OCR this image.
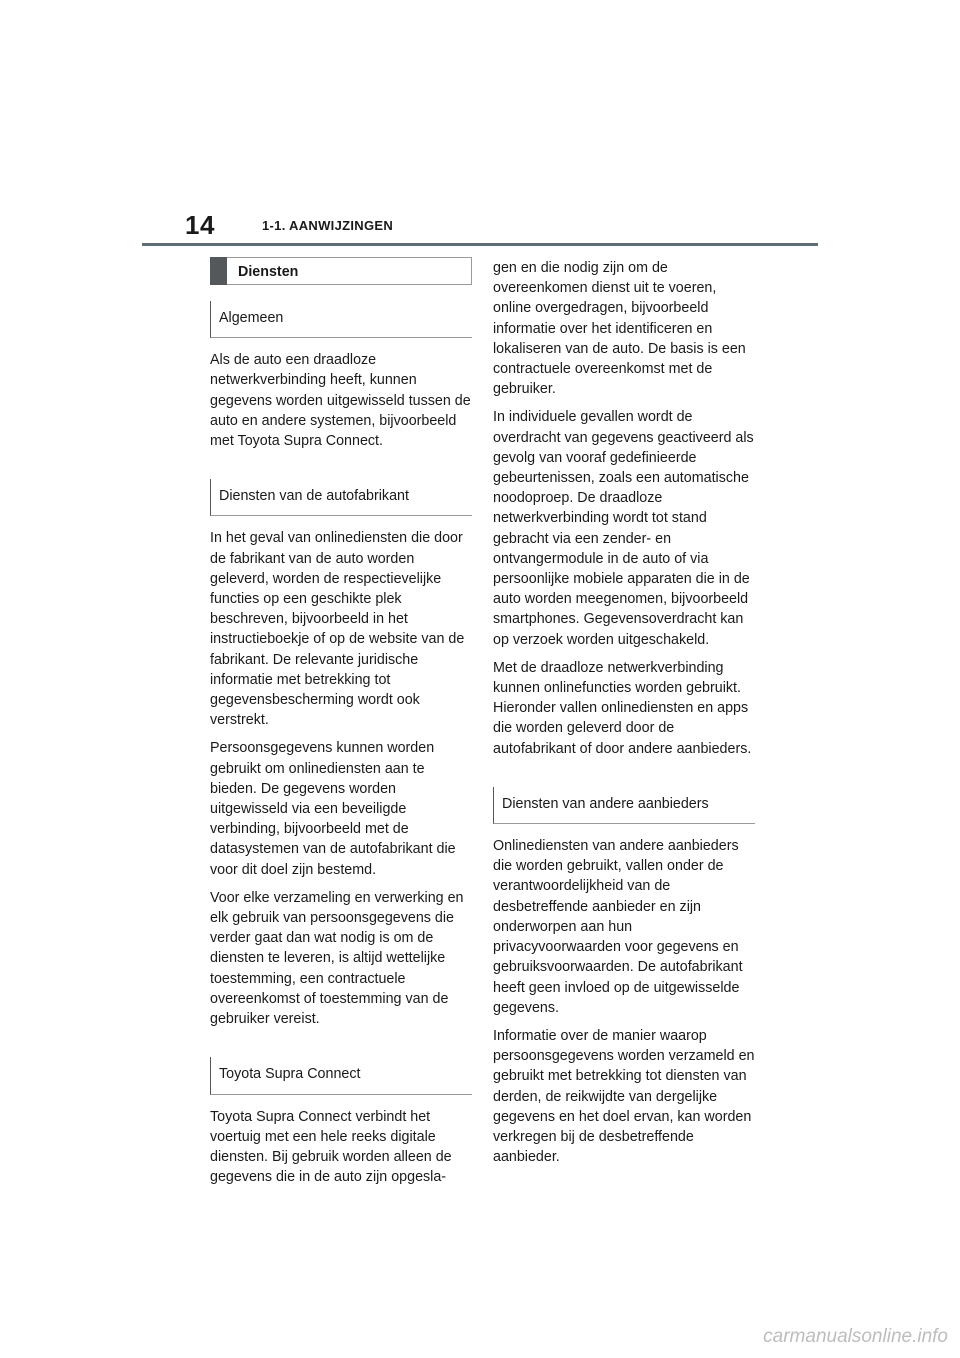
14	1-1. AANWIJZINGEN
Diensten
Algemeen

Als de auto een draadloze netwerkverbinding heeft, kunnen gegevens worden uitgewisseld tussen de auto en andere systemen, bijvoorbeeld met Toyota Supra Connect.

Diensten van de autofabrikant

In het geval van onlinediensten die door de fabrikant van de auto worden geleverd, worden de respectievelijke functies op een geschikte plek beschreven, bijvoorbeeld in het instructieboekje of op de website van de fabrikant. De relevante juridische informatie met betrekking tot gegevensbescherming wordt ook verstrekt.

Persoonsgegevens kunnen worden gebruikt om onlinediensten aan te bieden. De gegevens worden uitgewisseld via een beveiligde verbinding, bijvoorbeeld met de datasystemen van de autofabrikant die voor dit doel zijn bestemd.

Voor elke verzameling en verwerking en elk gebruik van persoonsgegevens die verder gaat dan wat nodig is om de diensten te leveren, is altijd wettelijke toestemming, een contractuele overeenkomst of toestemming van de gebruiker vereist.

Toyota Supra Connect

Toyota Supra Connect verbindt het voertuig met een hele reeks digitale diensten. Bij gebruik worden alleen de gegevens die in de auto zijn opgesla-

gen en die nodig zijn om de overeenkomen dienst uit te voeren, online overgedragen, bijvoorbeeld informatie over het identificeren en lokaliseren van de auto. De basis is een contractuele overeenkomst met de gebruiker.

In individuele gevallen wordt de overdracht van gegevens geactiveerd als gevolg van vooraf gedefinieerde gebeurtenissen, zoals een automatische noodoproep. De draadloze netwerkverbinding wordt tot stand gebracht via een zender- en ontvangermodule in de auto of via persoonlijke mobiele apparaten die in de auto worden meegenomen, bijvoorbeeld smartphones. Gegevensoverdracht kan op verzoek worden uitgeschakeld.

Met de draadloze netwerkverbinding kunnen onlinefuncties worden gebruikt. Hieronder vallen onlinediensten en apps die worden geleverd door de autofabrikant of door andere aanbieders.

Diensten van andere aanbieders

Onlinediensten van andere aanbieders die worden gebruikt, vallen onder de verantwoordelijkheid van de desbetreffende aanbieder en zijn onderworpen aan hun privacyvoorwaarden voor gegevens en gebruiksvoorwaarden. De autofabrikant heeft geen invloed op de uitgewisselde gegevens.

Informatie over de manier waarop persoonsgegevens worden verzameld en gebruikt met betrekking tot diensten van derden, de reikwijdte van dergelijke gegevens en het doel ervan, kan worden verkregen bij de desbetreffende aanbieder.

carmanualsonline.info
